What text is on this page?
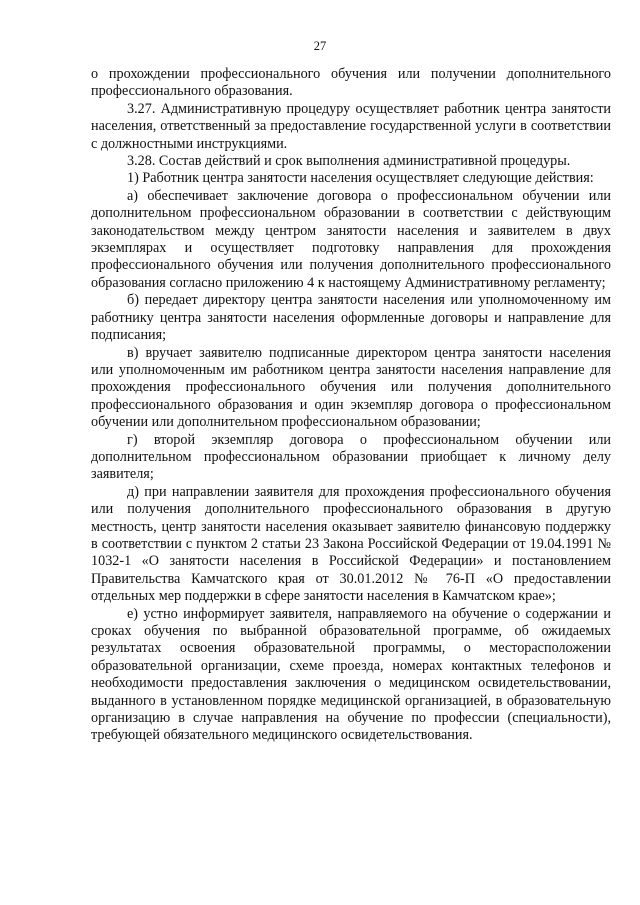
27

о прохождении профессионального обучения или получении дополнительного профессионального образования.

3.27. Административную процедуру осуществляет работник центра занятости населения, ответственный за предоставление государственной услуги в соответствии с должностными инструкциями.

3.28. Состав действий и срок выполнения административной процедуры.

1) Работник центра занятости населения осуществляет следующие действия:

а) обеспечивает заключение договора о профессиональном обучении или дополнительном профессиональном образовании в соответствии с действующим законодательством между центром занятости населения и заявителем в двух экземплярах и осуществляет подготовку направления для прохождения профессионального обучения или получения дополнительного профессионального образования согласно приложению 4 к настоящему Административному регламенту;

б) передает директору центра занятости населения или уполномоченному им работнику центра занятости населения оформленные договоры и направление для подписания;

в) вручает заявителю подписанные директором центра занятости населения или уполномоченным им работником центра занятости населения направление для прохождения профессионального обучения или получения дополнительного профессионального образования и один экземпляр договора о профессиональном обучении или дополнительном профессиональном образовании;

г) второй экземпляр договора о профессиональном обучении или дополнительном профессиональном образовании приобщает к личному делу заявителя;

д) при направлении заявителя для прохождения профессионального обучения или получения дополнительного профессионального образования в другую местность, центр занятости населения оказывает заявителю финансовую поддержку в соответствии с пунктом 2 статьи 23 Закона Российской Федерации от 19.04.1991 № 1032-1 «О занятости населения в Российской Федерации» и постановлением Правительства Камчатского края от 30.01.2012 № 76-П «О предоставлении отдельных мер поддержки в сфере занятости населения в Камчатском крае»;

е) устно информирует заявителя, направляемого на обучение о содержании и сроках обучения по выбранной образовательной программе, об ожидаемых результатах освоения образовательной программы, о месторасположении образовательной организации, схеме проезда, номерах контактных телефонов и необходимости предоставления заключения о медицинском освидетельствовании, выданного в установленном порядке медицинской организацией, в образовательную организацию в случае направления на обучение по профессии (специальности), требующей обязательного медицинского освидетельствования.
